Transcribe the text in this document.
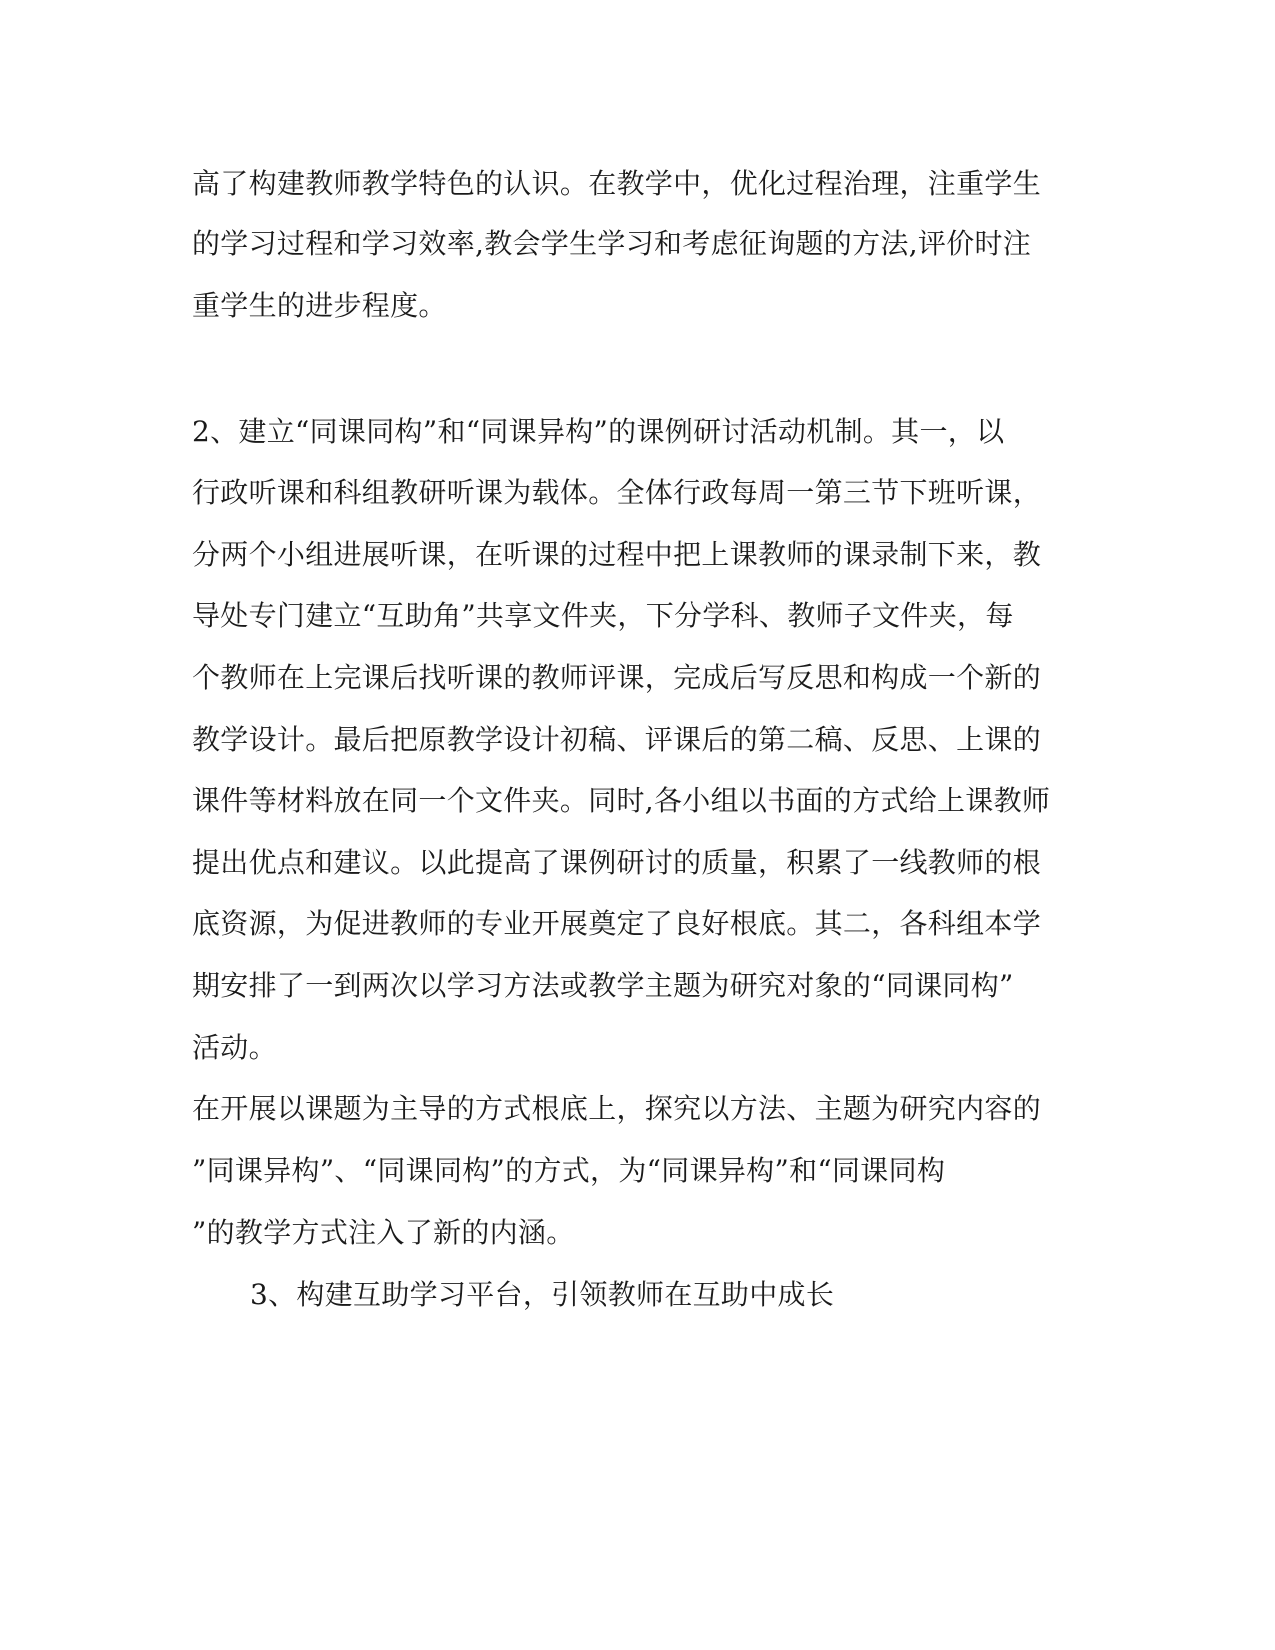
高了构建教师教学特色的认识。在教学中，优化过程治理，注重学生
的学习过程和学习效率,教会学生学习和考虑征询题的方法,评价时注
重学生的进步程度。
2、建立“同课同构”和“同课异构”的课例研讨活动机制。其一，以
行政听课和科组教研听课为载体。全体行政每周一第三节下班听课，
分两个小组进展听课，在听课的过程中把上课教师的课录制下来，教
导处专门建立“互助角”共享文件夹，下分学科、教师子文件夹，每
个教师在上完课后找听课的教师评课，完成后写反思和构成一个新的
教学设计。最后把原教学设计初稿、评课后的第二稿、反思、上课的
课件等材料放在同一个文件夹。同时,各小组以书面的方式给上课教师
提出优点和建议。以此提高了课例研讨的质量，积累了一线教师的根
底资源，为促进教师的专业开展奠定了良好根底。其二，各科组本学
期安排了一到两次以学习方法或教学主题为研究对象的“同课同构”
活动。
在开展以课题为主导的方式根底上，探究以方法、主题为研究内容的
”同课异构”、“同课同构”的方式，为“同课异构”和“同课同构
”的教学方式注入了新的内涵。
3、构建互助学习平台，引领教师在互助中成长
